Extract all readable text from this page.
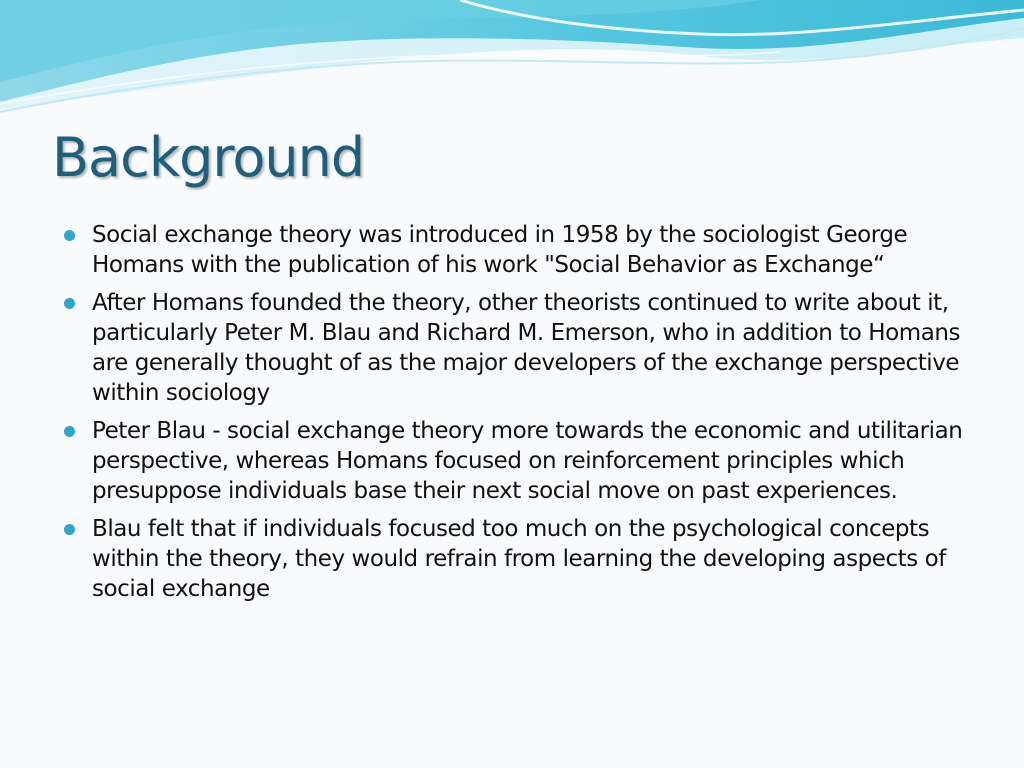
Background
Social exchange theory was introduced in 1958 by the sociologist George Homans with the publication of his work "Social Behavior as Exchange“
After Homans founded the theory, other theorists continued to write about it, particularly Peter M. Blau and Richard M. Emerson, who in addition to Homans are generally thought of as the major developers of the exchange perspective within sociology
Peter Blau - social exchange theory more towards the economic and utilitarian perspective, whereas Homans focused on reinforcement principles which presuppose individuals base their next social move on past experiences.
Blau felt that if individuals focused too much on the psychological concepts within the theory, they would refrain from learning the developing aspects of social exchange
